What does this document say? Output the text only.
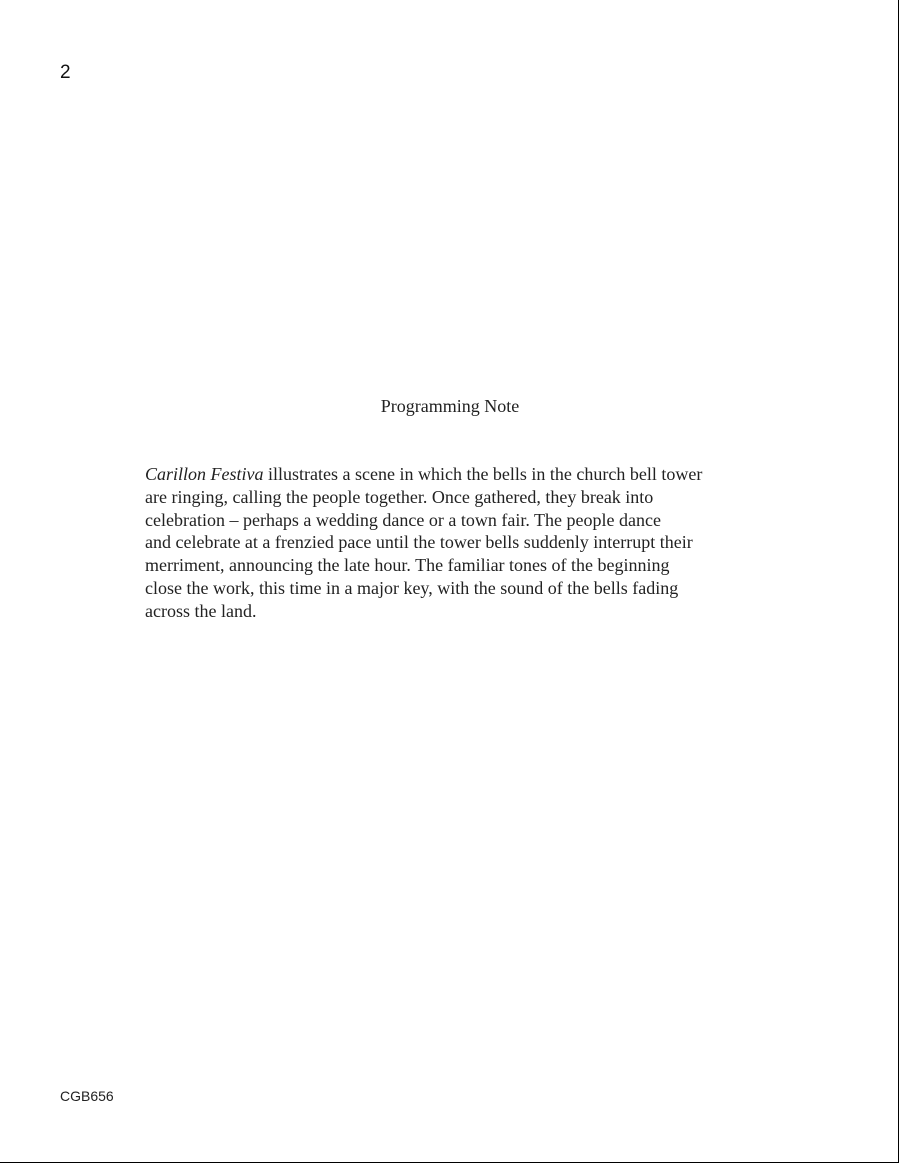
2
Programming Note
Carillon Festiva illustrates a scene in which the bells in the church bell tower
are ringing, calling the people together. Once gathered, they break into
celebration – perhaps a wedding dance or a town fair. The people dance
and celebrate at a frenzied pace until the tower bells suddenly interrupt their
merriment, announcing the late hour. The familiar tones of the beginning
close the work, this time in a major key, with the sound of the bells fading
across the land.
CGB656
